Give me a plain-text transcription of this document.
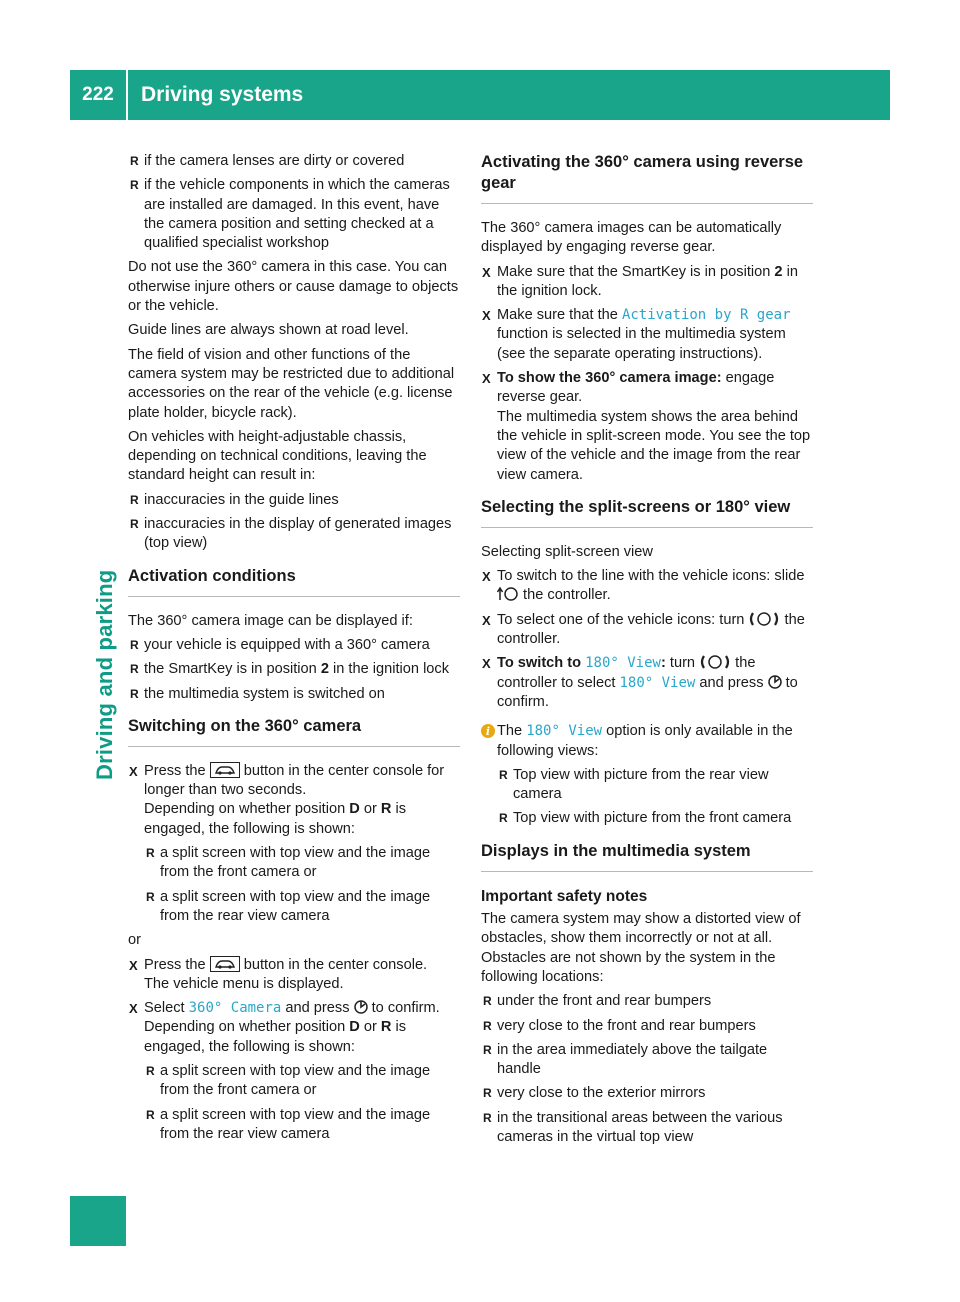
222	Driving systems
Driving and parking
R if the camera lenses are dirty or covered
R if the vehicle components in which the cameras are installed are damaged. In this event, have the camera position and setting checked at a qualified specialist workshop

Do not use the 360° camera in this case. You can otherwise injure others or cause damage to objects or the vehicle.

Guide lines are always shown at road level.

The field of vision and other functions of the camera system may be restricted due to additional accessories on the rear of the vehicle (e.g. license plate holder, bicycle rack).

On vehicles with height-adjustable chassis, depending on technical conditions, leaving the standard height can result in:

R inaccuracies in the guide lines
R inaccuracies in the display of generated images (top view)
Activation conditions

The 360° camera image can be displayed if:

R your vehicle is equipped with a 360° camera
R the SmartKey is in position 2 in the ignition lock
R the multimedia system is switched on
Switching on the 360° camera
X Press the  button in the center console for longer than two seconds.
Depending on whether position D or R is engaged, the following is shown:
R a split screen with top view and the image from the front camera or
R a split screen with top view and the image from the rear view camera

or

X Press the  button in the center console.
The vehicle menu is displayed.
X Select 360° Camera and press  to confirm.
Depending on whether position D or R is engaged, the following is shown:
R a split screen with top view and the image from the front camera or
R a split screen with top view and the image from the rear view camera
Activating the 360° camera using reverse gear

The 360° camera images can be automatically displayed by engaging reverse gear.

X Make sure that the SmartKey is in position 2 in the ignition lock.
X Make sure that the Activation by R gear function is selected in the multimedia system (see the separate operating instructions).
X To show the 360° camera image: engage reverse gear.
The multimedia system shows the area behind the vehicle in split-screen mode. You see the top view of the vehicle and the image from the rear view camera.
Selecting the split-screens or 180° view

Selecting split-screen view

X To switch to the line with the vehicle icons: slide  the controller.
X To select one of the vehicle icons: turn  the controller.
X To switch to 180° View: turn  the controller to select 180° View and press  to confirm.
i The 180° View option is only available in the following views:
R Top view with picture from the rear view camera
R Top view with picture from the front camera
Displays in the multimedia system
Important safety notes

The camera system may show a distorted view of obstacles, show them incorrectly or not at all. Obstacles are not shown by the system in the following locations:

R under the front and rear bumpers
R very close to the front and rear bumpers
R in the area immediately above the tailgate handle
R very close to the exterior mirrors
R in the transitional areas between the various cameras in the virtual top view
